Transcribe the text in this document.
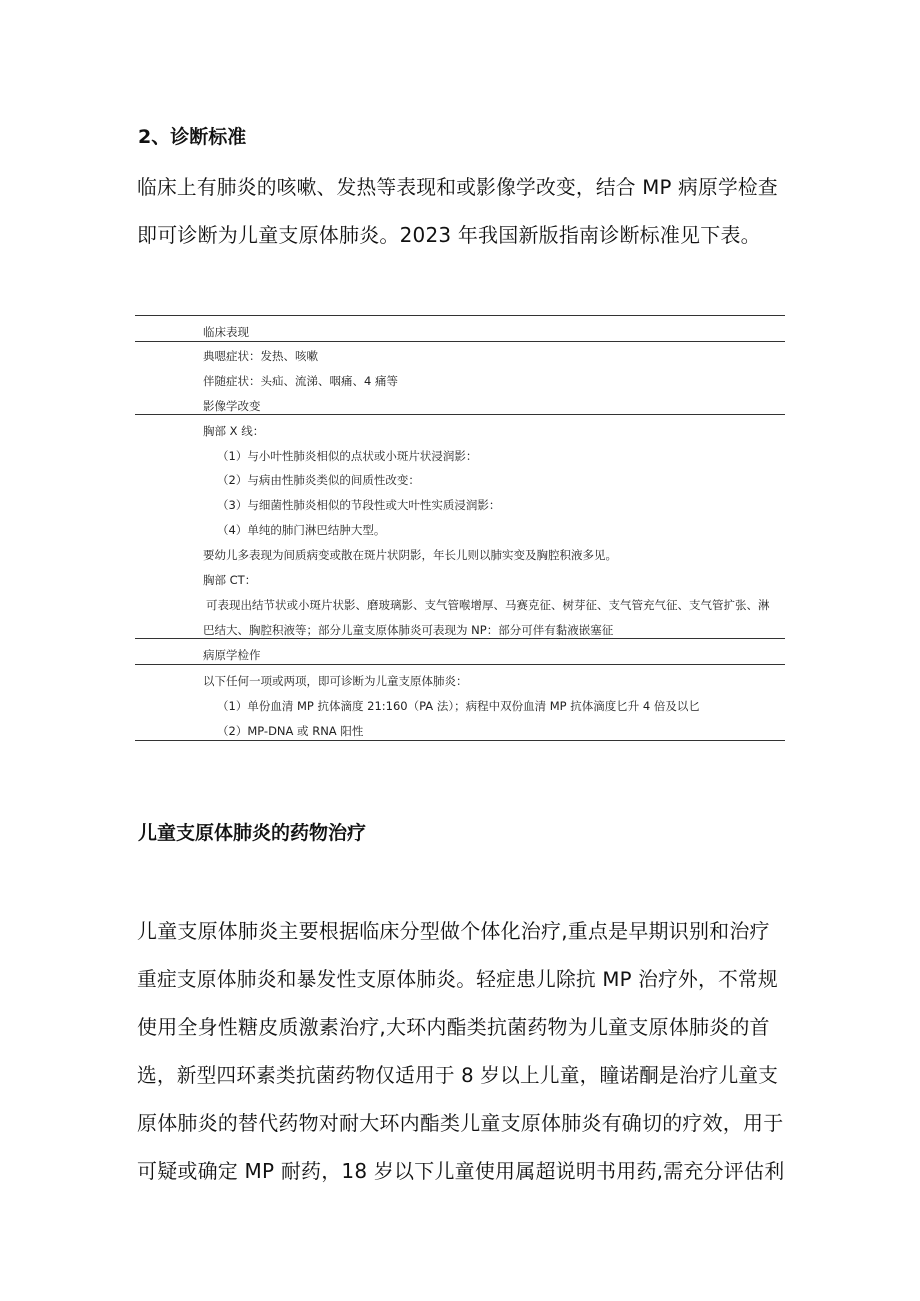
2、诊断标准
临床上有肺炎的咳嗽、发热等表现和或影像学改变，结合 MP 病原学检查
即可诊断为儿童支原体肺炎。2023 年我国新版指南诊断标准见下表。
临床表现
典嗯症状：发热、咳嗽
伴随症状：头疝、流涕、咽痛、4 痛等
影像学改变
胸部 X 线：
（1）与小叶性肺炎相似的点状或小斑片状浸润影：
（2）与病由性肺炎类似的间质性改变：
（3）与细菌性肺炎相似的节段性或大叶性实质浸润影：
（4）单纯的肺门淋巴结肿大型。
要幼儿多表现为间质病变或散在斑片状阴影，年长儿则以肺实变及胸腔积液多见。
胸部 CT：
可表现出结节状或小斑片状影、磨玻璃影、支气管喉增厚、马赛克征、树芽征、支气管充气征、支气管扩张、淋
巴结大、胸腔积液等；部分儿童支原体肺炎可表现为 NP：部分可伴有黏液嵌塞征
病原学检作
以下任何一项或两项，即可诊断为儿童支原体肺炎：
（1）单份血清 MP 抗体滴度 21:160（PA 法）；病程中双份血清 MP 抗体滴度匕升 4 倍及以匕
（2）MP-DNA 或 RNA 阳性
儿童支原体肺炎的药物治疗
儿童支原体肺炎主要根据临床分型做个体化治疗,重点是早期识别和治疗
重症支原体肺炎和暴发性支原体肺炎。轻症患儿除抗 MP 治疗外，不常规
使用全身性糖皮质激素治疗,大环内酯类抗菌药物为儿童支原体肺炎的首
选，新型四环素类抗菌药物仅适用于 8 岁以上儿童，瞳诺酮是治疗儿童支
原体肺炎的替代药物对耐大环内酯类儿童支原体肺炎有确切的疗效，用于
可疑或确定 MP 耐药，18 岁以下儿童使用属超说明书用药,需充分评估利
